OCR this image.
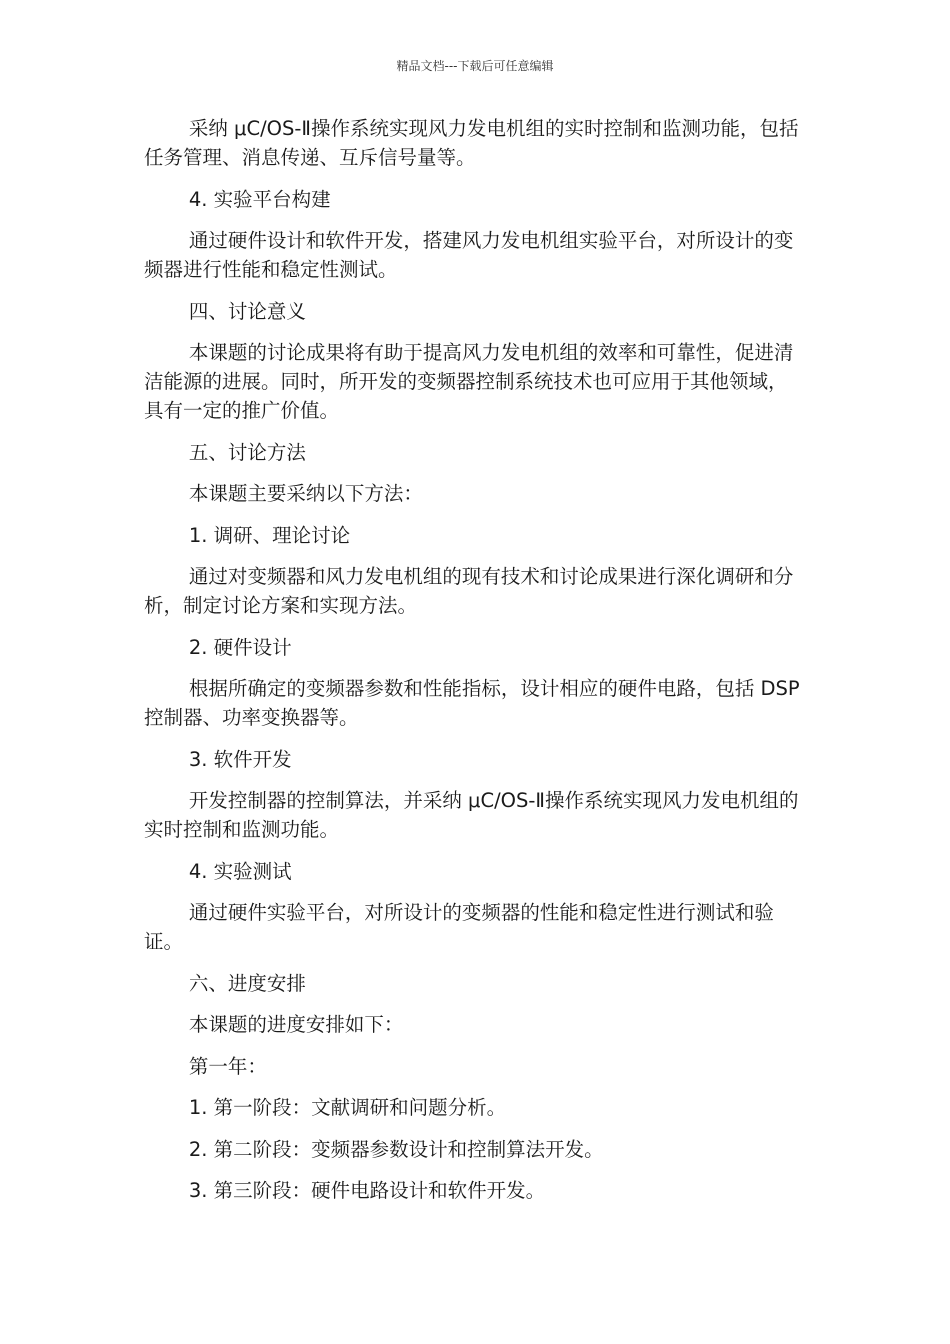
精品文档---下载后可任意编辑

采纳 μC/OS-Ⅱ操作系统实现风力发电机组的实时控制和监测功能，包括任务管理、消息传递、互斥信号量等。

4. 实验平台构建

通过硬件设计和软件开发，搭建风力发电机组实验平台，对所设计的变频器进行性能和稳定性测试。

四、讨论意义

本课题的讨论成果将有助于提高风力发电机组的效率和可靠性，促进清洁能源的进展。同时，所开发的变频器控制系统技术也可应用于其他领域，具有一定的推广价值。

五、讨论方法

本课题主要采纳以下方法：

1. 调研、理论讨论

通过对变频器和风力发电机组的现有技术和讨论成果进行深化调研和分析，制定讨论方案和实现方法。

2. 硬件设计

根据所确定的变频器参数和性能指标，设计相应的硬件电路，包括 DSP 控制器、功率变换器等。

3. 软件开发

开发控制器的控制算法，并采纳 μC/OS-Ⅱ操作系统实现风力发电机组的实时控制和监测功能。

4. 实验测试

通过硬件实验平台，对所设计的变频器的性能和稳定性进行测试和验证。

六、进度安排

本课题的进度安排如下：

第一年：

1. 第一阶段：文献调研和问题分析。

2. 第二阶段：变频器参数设计和控制算法开发。

3. 第三阶段：硬件电路设计和软件开发。
